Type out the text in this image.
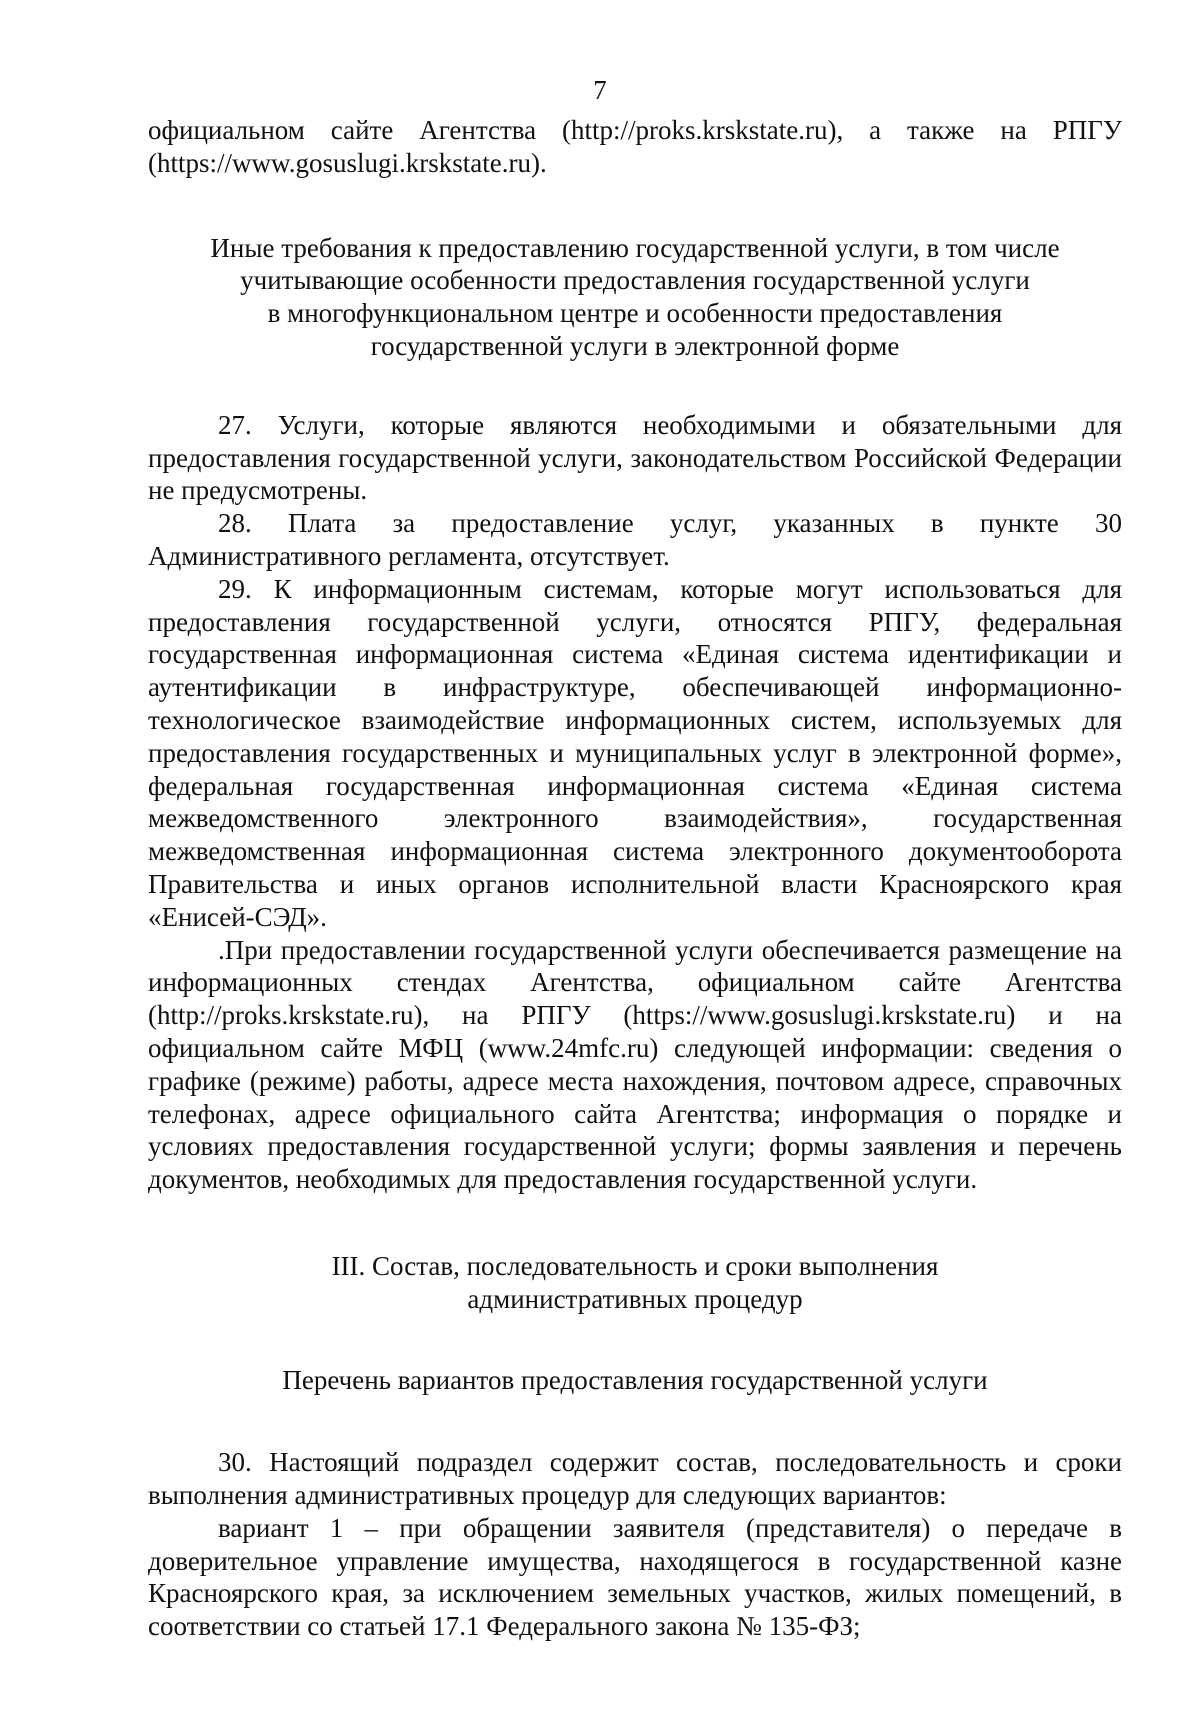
7

официальном сайте Агентства (http://proks.krskstate.ru), а также на РПГУ (https://www.gosuslugi.krskstate.ru).

Иные требования к предоставлению государственной услуги, в том числе
учитывающие особенности предоставления государственной услуги
в многофункциональном центре и особенности предоставления
государственной услуги в электронной форме

27. Услуги, которые являются необходимыми и обязательными для предоставления государственной услуги, законодательством Российской Федерации не предусмотрены.

28. Плата за предоставление услуг, указанных в пункте 30 Административного регламента, отсутствует.

29. К информационным системам, которые могут использоваться для предоставления государственной услуги, относятся РПГУ, федеральная государственная информационная система «Единая система идентификации и аутентификации в инфраструктуре, обеспечивающей информационно-технологическое взаимодействие информационных систем, используемых для предоставления государственных и муниципальных услуг в электронной форме», федеральная государственная информационная система «Единая система межведомственного электронного взаимодействия», государственная межведомственная информационная система электронного документооборота Правительства и иных органов исполнительной власти Красноярского края «Енисей-СЭД».

.При предоставлении государственной услуги обеспечивается размещение на информационных стендах Агентства, официальном сайте Агентства (http://proks.krskstate.ru), на РПГУ (https://www.gosuslugi.krskstate.ru) и на официальном сайте МФЦ (www.24mfc.ru) следующей информации: сведения о графике (режиме) работы, адресе места нахождения, почтовом адресе, справочных телефонах, адресе официального сайта Агентства; информация о порядке и условиях предоставления государственной услуги; формы заявления и перечень документов, необходимых для предоставления государственной услуги.

III. Состав, последовательность и сроки выполнения
административных процедур
Перечень вариантов предоставления государственной услуги

30. Настоящий подраздел содержит состав, последовательность и сроки выполнения административных процедур для следующих вариантов:

вариант 1 – при обращении заявителя (представителя) о передаче в доверительное управление имущества, находящегося в государственной казне Красноярского края, за исключением земельных участков, жилых помещений, в соответствии со статьей 17.1 Федерального закона № 135-ФЗ;
